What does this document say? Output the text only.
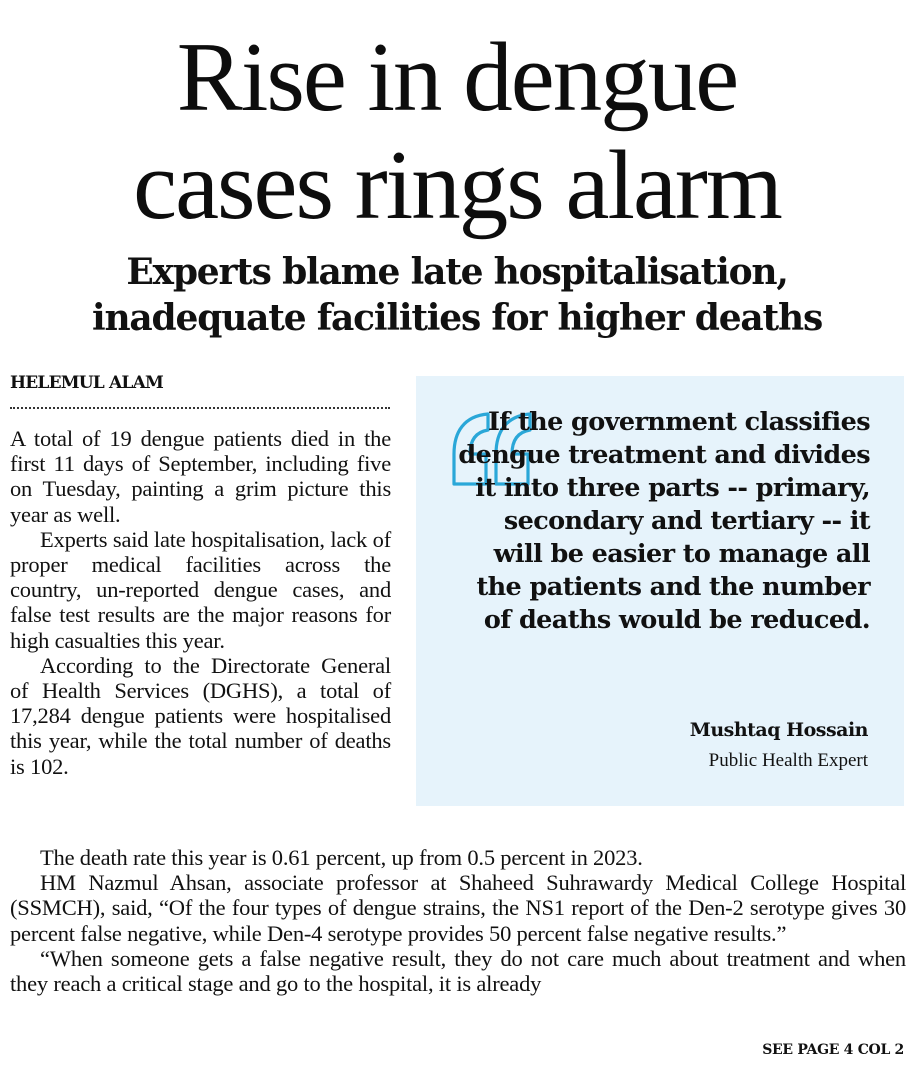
Rise in dengue
cases rings alarm
Experts blame late hospitalisation,
inadequate facilities for higher deaths
HELEMUL ALAM

A total of 19 dengue patients died in the first 11 days of September, including five on Tuesday, painting a grim picture this year as well.

Experts said late hospitalisation, lack of proper medical facilities across the country, un-reported dengue cases, and false test results are the major reasons for high casualties this year.

According to the Directorate General of Health Services (DGHS), a total of 17,284 dengue patients were hospitalised this year, while the total number of deaths is 102.

If the government classifies dengue treatment and divides it into three parts -- primary, secondary and tertiary -- it will be easier to manage all the patients and the number of deaths would be reduced.

Mushtaq Hossain
Public Health Expert

The death rate this year is 0.61 percent, up from 0.5 percent in 2023.

HM Nazmul Ahsan, associate professor at Shaheed Suhrawardy Medical College Hospital (SSMCH), said, “Of the four types of dengue strains, the NS1 report of the Den-2 serotype gives 30 percent false negative, while Den-4 serotype provides 50 percent false negative results.”

“When someone gets a false negative result, they do not care much about treatment and when they reach a critical stage and go to the hospital, it is already

SEE PAGE 4 COL 2
